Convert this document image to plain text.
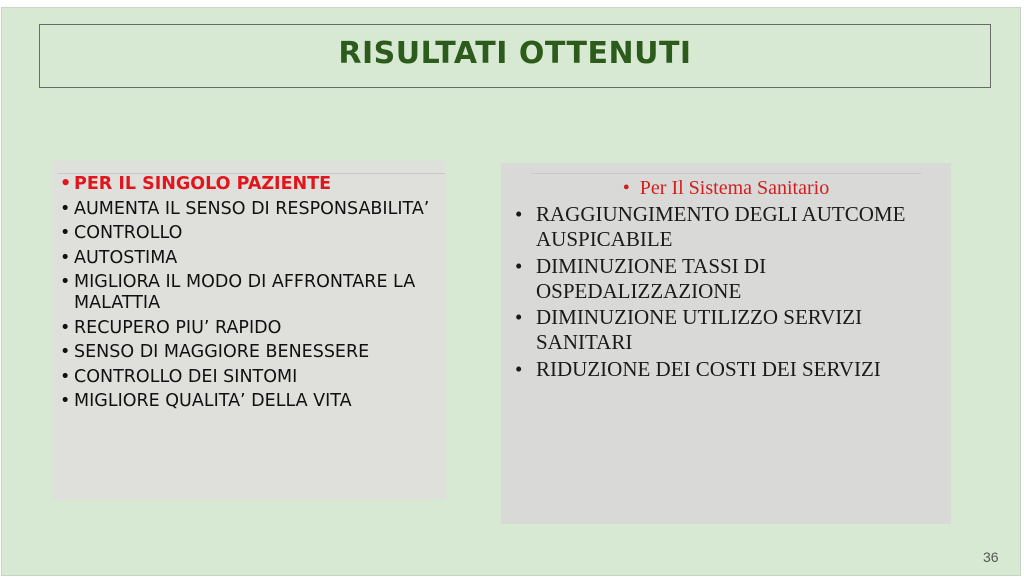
RISULTATI OTTENUTI
• PER IL SINGOLO PAZIENTE
• AUMENTA IL SENSO DI RESPONSABILITA’
• CONTROLLO
• AUTOSTIMA
• MIGLIORA IL MODO DI AFFRONTARE LA MALATTIA
• RECUPERO PIU’ RAPIDO
• SENSO DI MAGGIORE BENESSERE
• CONTROLLO DEI SINTOMI
• MIGLIORE QUALITA’ DELLA VITA
• Per Il Sistema Sanitario
• RAGGIUNGIMENTO DEGLI AUTCOME AUSPICABILE
• DIMINUZIONE TASSI DI OSPEDALIZZAZIONE
• DIMINUZIONE UTILIZZO SERVIZI SANITARI
• RIDUZIONE DEI COSTI DEI SERVIZI
36
